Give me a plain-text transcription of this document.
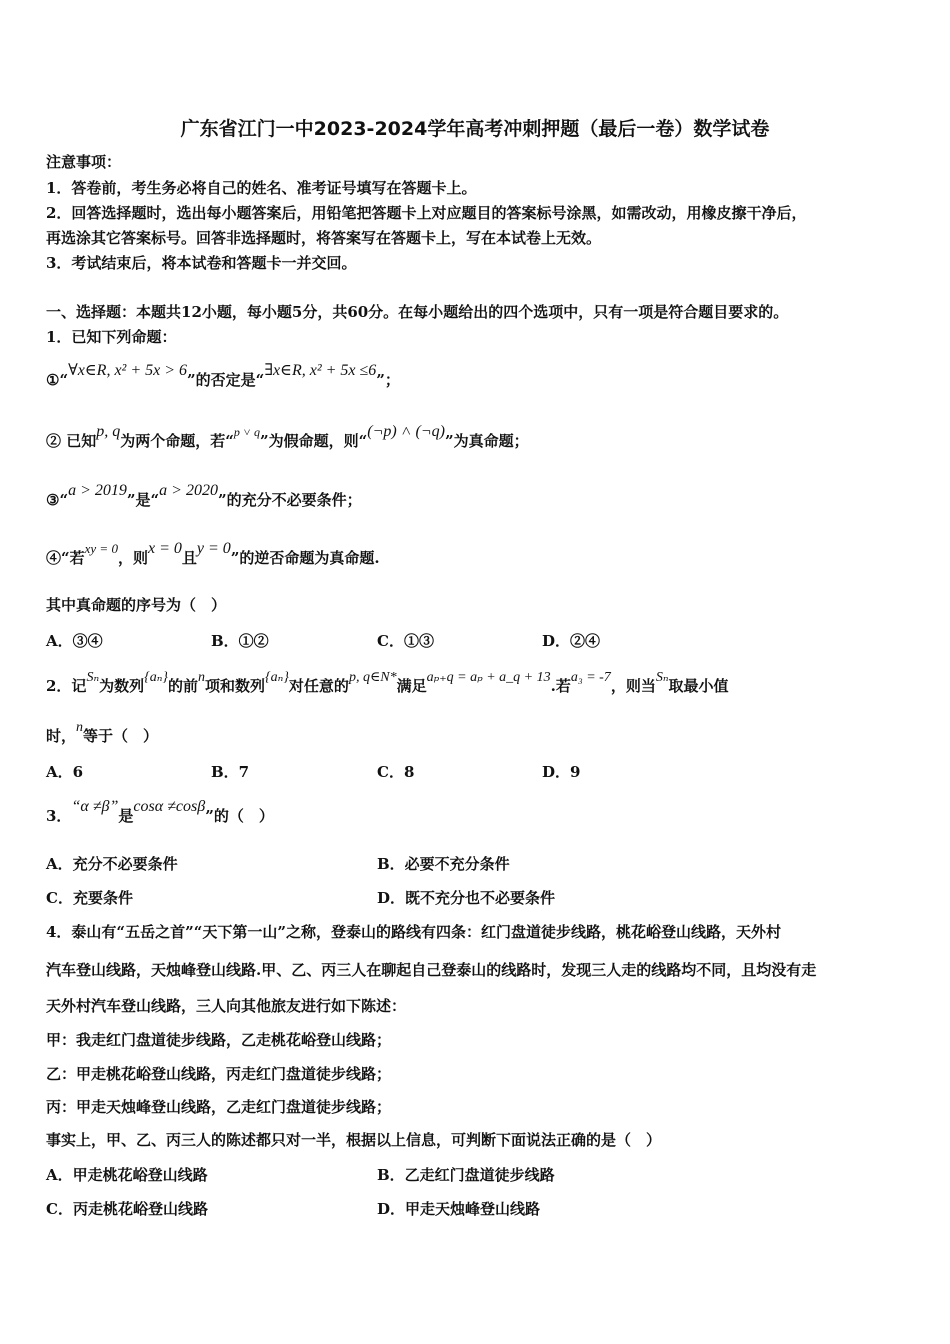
广东省江门一中2023-2024学年高考冲刺押题（最后一卷）数学试卷
注意事项：
1．答卷前，考生务必将自己的姓名、准考证号填写在答题卡上。
2．回答选择题时，选出每小题答案后，用铅笔把答题卡上对应题目的答案标号涂黑，如需改动，用橡皮擦干净后，
再选涂其它答案标号。回答非选择题时，将答案写在答题卡上，写在本试卷上无效。
3．考试结束后，将本试卷和答题卡一并交回。
一、选择题：本题共12小题，每小题5分，共60分。在每小题给出的四个选项中，只有一项是符合题目要求的。
1．已知下列命题：
①“∀x∈R, x² + 5x > 6”的否定是“∃x∈R, x² + 5x ≤6”；
② 已知p, q为两个命题，若“$^{p ˅ q}$”为假命题，则“(¬p) ˄ (¬q)”为真命题；
③“a > 2019”是“a > 2020”的充分不必要条件；
④“若xy = 0，则x = 0且y = 0”的逆否命题为真命题.
其中真命题的序号为（　）
A．③④	B．①②	C．①③	D．②④
2．记Sₙ为数列{aₙ}的前n项和数列{aₙ}对任意的p, q∈N*满足aₚ₊q = aₚ + a_q + 13.若a₃ = -7，则当Sₙ取最小值
时，n等于（　）
A．6	B．7	C．8	D．9
3．“α ≠β”是cosα ≠cosβ”的（　）
A．充分不必要条件	B．必要不充分条件
C．充要条件	D．既不充分也不必要条件
4．泰山有“五岳之首”“天下第一山”之称，登泰山的路线有四条：红门盘道徒步线路，桃花峪登山线路，天外村
汽车登山线路，天烛峰登山线路.甲、乙、丙三人在聊起自己登泰山的线路时，发现三人走的线路均不同，且均没有走
天外村汽车登山线路，三人向其他旅友进行如下陈述：
甲：我走红门盘道徒步线路，乙走桃花峪登山线路；
乙：甲走桃花峪登山线路，丙走红门盘道徒步线路；
丙：甲走天烛峰登山线路，乙走红门盘道徒步线路；
事实上，甲、乙、丙三人的陈述都只对一半，根据以上信息，可判断下面说法正确的是（　）
A．甲走桃花峪登山线路	B．乙走红门盘道徒步线路
C．丙走桃花峪登山线路	D．甲走天烛峰登山线路
